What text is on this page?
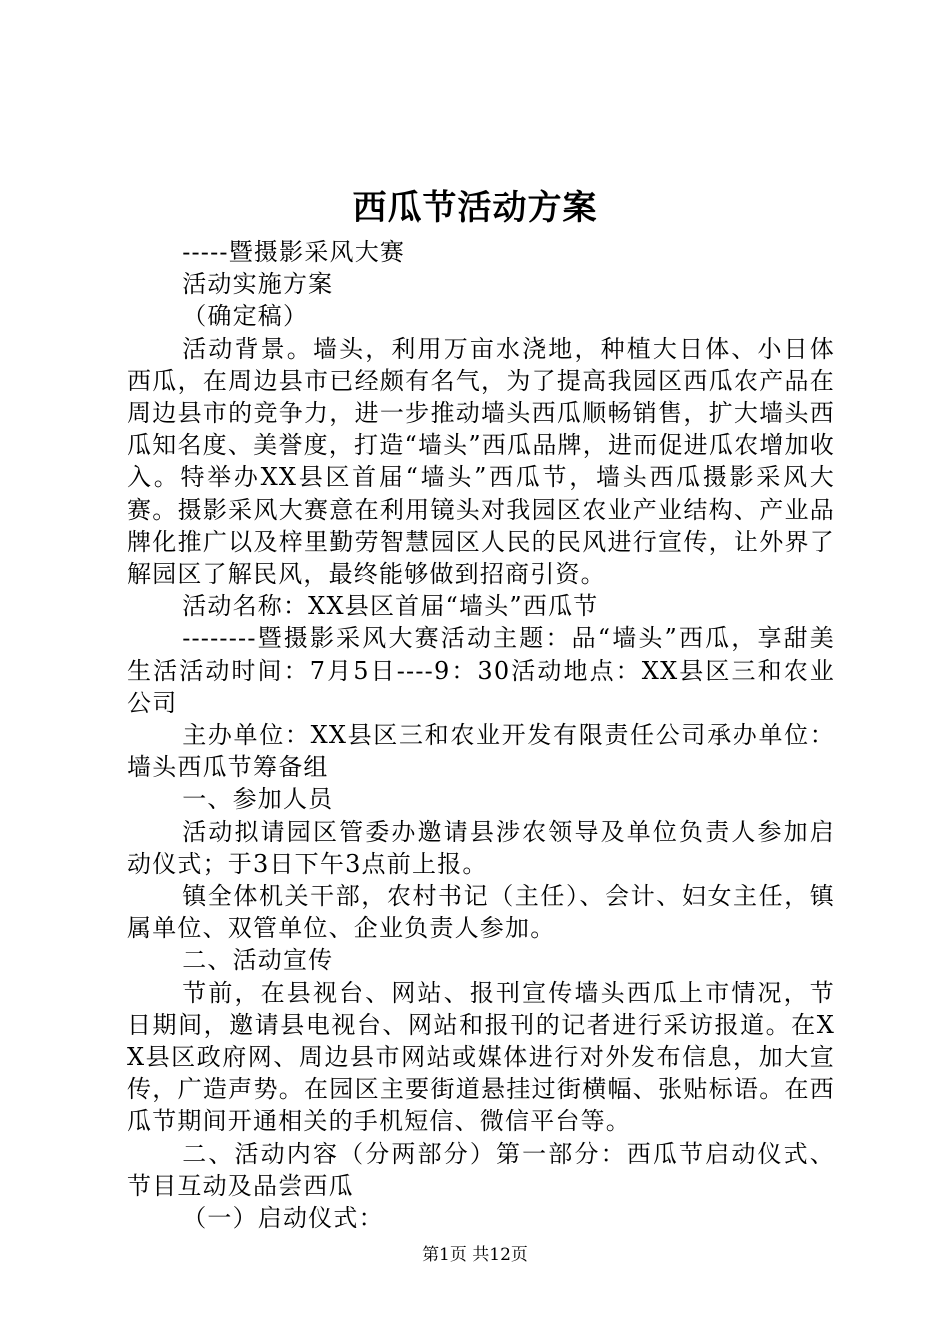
西瓜节活动方案

-----暨摄影采风大赛

活动实施方案

（确定稿）

活动背景。墙头，利用万亩水浇地，种植大日体、小日体西瓜，在周边县市已经颇有名气，为了提高我园区西瓜农产品在周边县市的竞争力，进一步推动墙头西瓜顺畅销售，扩大墙头西瓜知名度、美誉度，打造“墙头”西瓜品牌，进而促进瓜农增加收入。特举办XX县区首届“墙头”西瓜节，墙头西瓜摄影采风大赛。摄影采风大赛意在利用镜头对我园区农业产业结构、产业品牌化推广以及梓里勤劳智慧园区人民的民风进行宣传，让外界了解园区了解民风，最终能够做到招商引资。

活动名称：XX县区首届“墙头”西瓜节

--------暨摄影采风大赛活动主题：品“墙头”西瓜，享甜美生活活动时间：7月5日----9：30活动地点：XX县区三和农业公司

主办单位：XX县区三和农业开发有限责任公司承办单位：墙头西瓜节筹备组

一、参加人员

活动拟请园区管委办邀请县涉农领导及单位负责人参加启动仪式；于3日下午3点前上报。

镇全体机关干部，农村书记（主任）、会计、妇女主任，镇属单位、双管单位、企业负责人参加。

二、活动宣传

节前，在县视台、网站、报刊宣传墙头西瓜上市情况，节日期间，邀请县电视台、网站和报刊的记者进行采访报道。在XX县区政府网、周边县市网站或媒体进行对外发布信息，加大宣传，广造声势。在园区主要街道悬挂过街横幅、张贴标语。在西瓜节期间开通相关的手机短信、微信平台等。

二、活动内容（分两部分）第一部分：西瓜节启动仪式、节目互动及品尝西瓜

（一）启动仪式：

第1页 共12页
